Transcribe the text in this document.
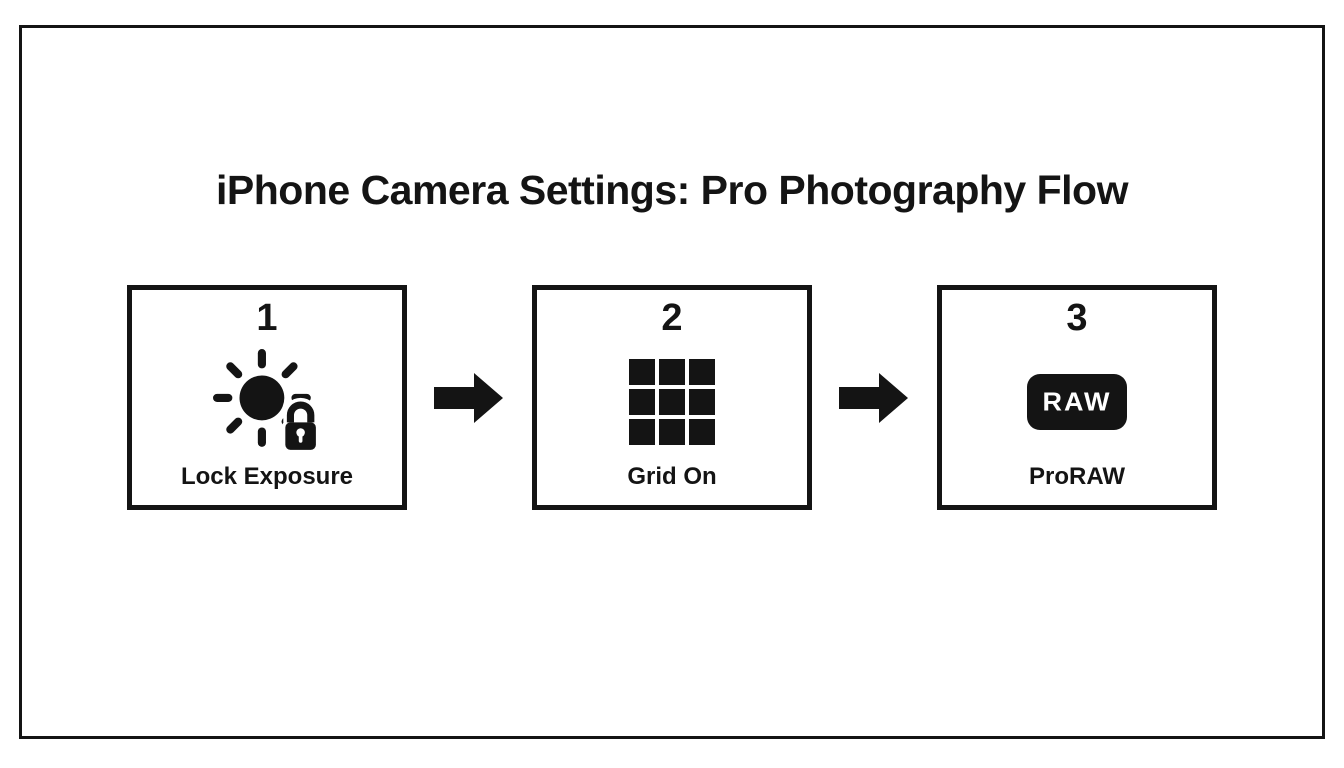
iPhone Camera Settings: Pro Photography Flow
1
Lock Exposure
2
Grid On
3
RAW
ProRAW
